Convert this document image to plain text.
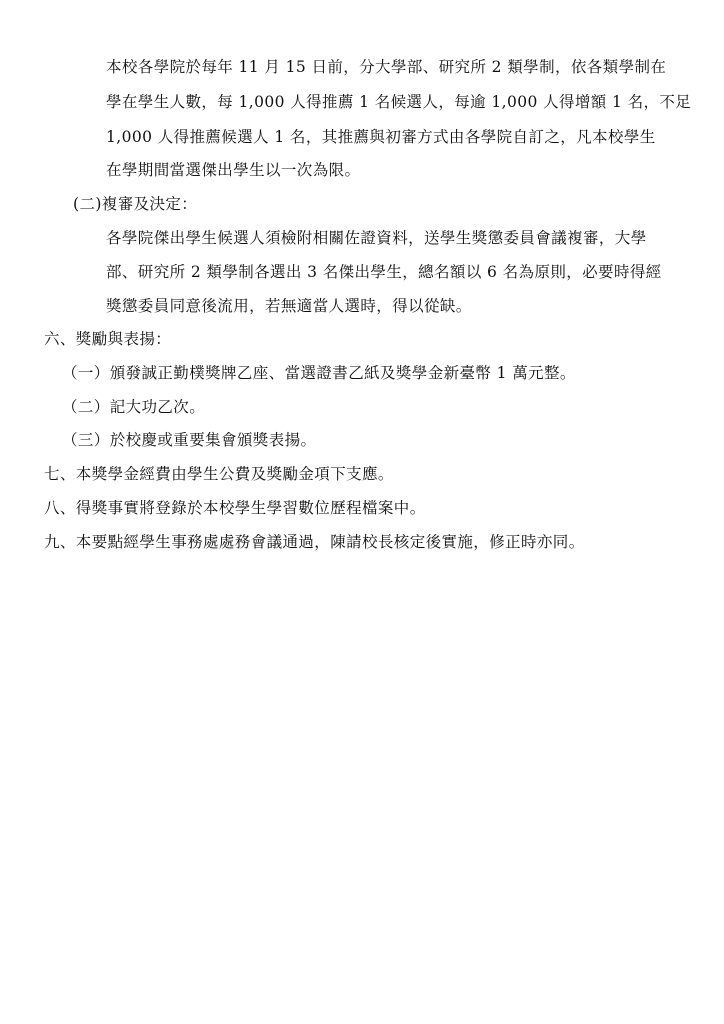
本校各學院於每年 11 月 15 日前，分大學部、研究所 2 類學制，依各類學制在
學在學生人數，每 1,000 人得推薦 1 名候選人，每逾 1,000 人得增額 1 名，不足
1,000 人得推薦候選人 1 名，其推薦與初審方式由各學院自訂之，凡本校學生
在學期間當選傑出學生以一次為限。
(二)複審及決定：
各學院傑出學生候選人須檢附相關佐證資料，送學生獎懲委員會議複審，大學
部、研究所 2 類學制各選出 3 名傑出學生，總名額以 6 名為原則，必要時得經
獎懲委員同意後流用，若無適當人選時，得以從缺。
六、獎勵與表揚：
（一）頒發誠正勤樸獎牌乙座、當選證書乙紙及獎學金新臺幣 1 萬元整。
（二）記大功乙次。
（三）於校慶或重要集會頒獎表揚。
七、本獎學金經費由學生公費及獎勵金項下支應。
八、得獎事實將登錄於本校學生學習數位歷程檔案中。
九、本要點經學生事務處處務會議通過，陳請校長核定後實施，修正時亦同。
